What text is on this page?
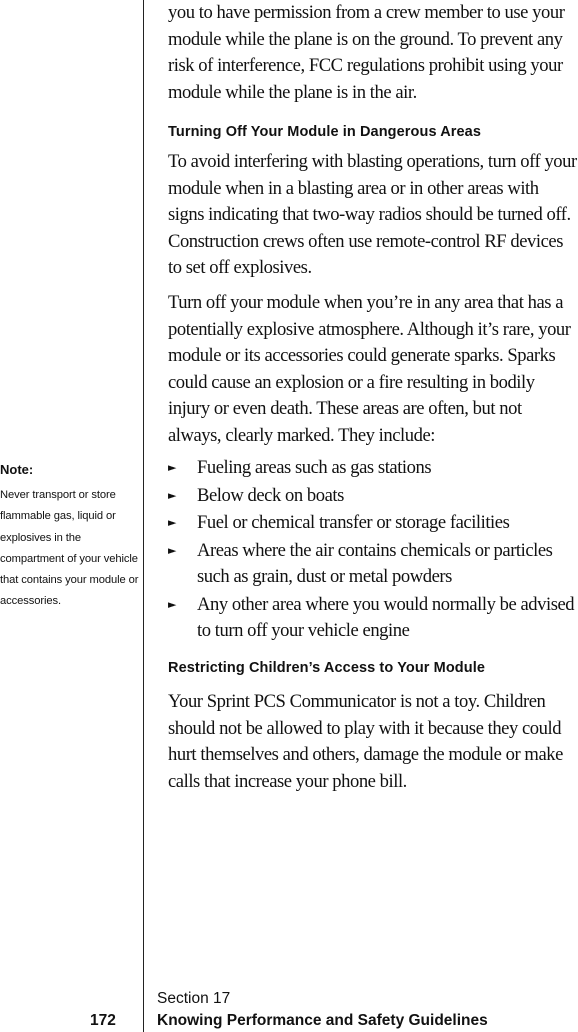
Note:

Never transport or store flammable gas, liquid or explosives in the compartment of your vehicle that contains your module or accessories.

you to have permission from a crew member to use your module while the plane is on the ground. To prevent any risk of interference, FCC regulations prohibit using your module while the plane is in the air.

Turning Off Your Module in Dangerous Areas

To avoid interfering with blasting operations, turn off your module when in a blasting area or in other areas with signs indicating that two-way radios should be turned off. Construction crews often use remote-control RF devices to set off explosives.

Turn off your module when you’re in any area that has a potentially explosive atmosphere. Although it’s rare, your module or its accessories could generate sparks. Sparks could cause an explosion or a fire resulting in bodily injury or even death. These areas are often, but not always, clearly marked. They include:

► Fueling areas such as gas stations
► Below deck on boats
► Fuel or chemical transfer or storage facilities
► Areas where the air contains chemicals or particles such as grain, dust or metal powders
► Any other area where you would normally be advised to turn off your vehicle engine
Restricting Children’s Access to Your Module

Your Sprint PCS Communicator is not a toy. Children should not be allowed to play with it because they could hurt themselves and others, damage the module or make calls that increase your phone bill.

Section 17
172	Knowing Performance and Safety Guidelines
